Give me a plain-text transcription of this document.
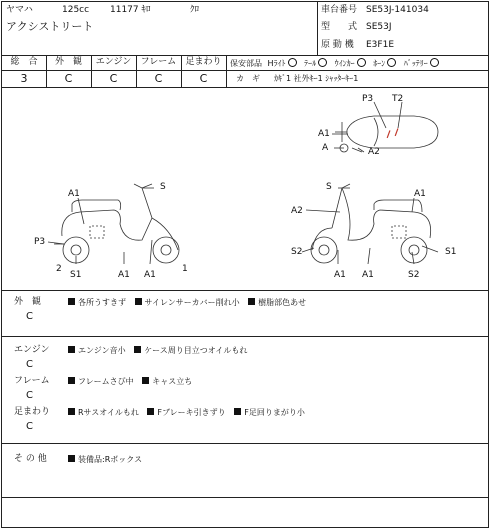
ヤマハ	125cc 11177 ｷﾛ	ｸﾛ
アクシストリート
車台番号 SE53J-141034
型　　式 SE53J
原 動 機 E3F1E
総　合	外　観	エンジン	フレーム	足まわり
3	C	C	C	C
保安部品 Hﾗｲﾄ ○ ﾃｰﾙ ○ ｳｲﾝｶｰ ○ ﾎｰﾝ ○ ﾊﾞｯﾃﾘｰ
カ　ギ ｶｷﾞ1 社外ｷｰ1 ｼｬｯﾀｰｷｰ1
P3 T2
A1
A	A2
S
A1
P3
2
S1	A1 A1
1
S
A1
A2
S2	S1
A1 A1	S2
外　観
C
各所うすきず サイレンサーカバー削れ小 樹脂部色あせ
エンジン
C
エンジン音小 ケース周り目立つオイルもれ
フレーム
C
フレームさび中 キャス立ち
足まわり
C
Rサスオイルもれ Fブレーキ引きずり F足回りまがり小
そ の 他	装備品:Rボックス
